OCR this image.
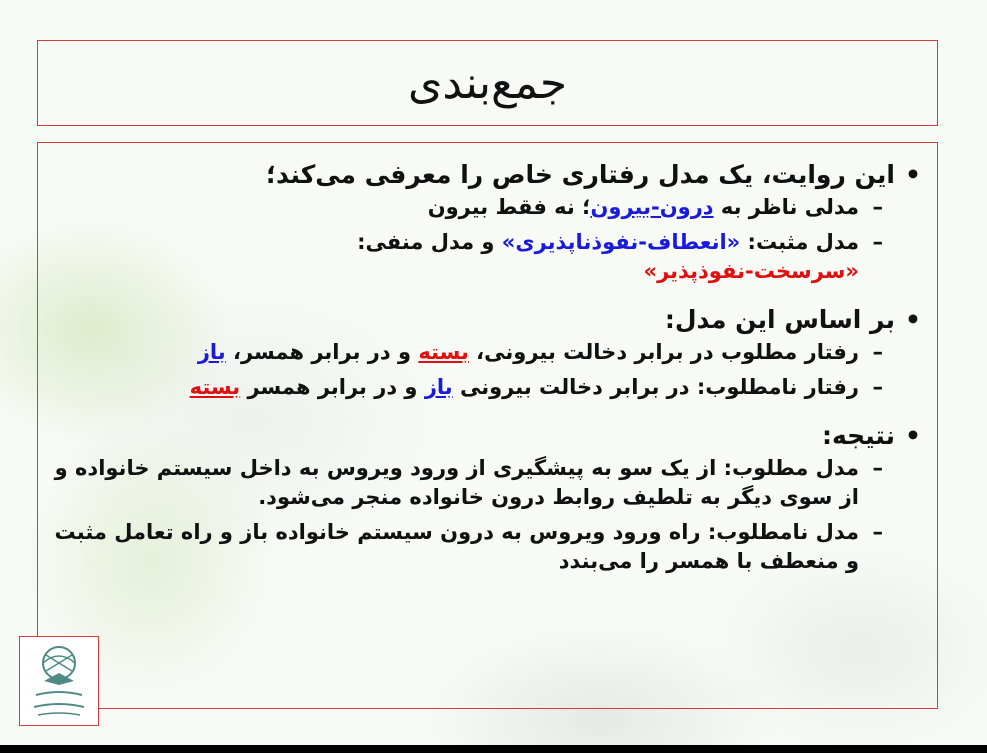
جمع‌بندی
• این روایت، یک مدل رفتاری خاص را معرفی می‌کند؛
– مدلی ناظر به درون-بیرون؛ نه فقط بیرون
– مدل مثبت: «انعطاف-نفوذناپذیری» و مدل منفی:
«سرسخت-نفوذپذیر»
• بر اساس این مدل:
– رفتار مطلوب در برابر دخالت بیرونی، بسته و در برابر همسر، باز
– رفتار نامطلوب: در برابر دخالت بیرونی باز و در برابر همسر بسته
• نتیجه:
– مدل مطلوب: از یک سو به پیشگیری از ورود ویروس به داخل سیستم خانواده و از سوی دیگر به تلطیف روابط درون خانواده منجر می‌شود.
– مدل نامطلوب: راه ورود ویروس به درون سیستم خانواده باز و راه تعامل مثبت و منعطف با همسر را می‌بندد
